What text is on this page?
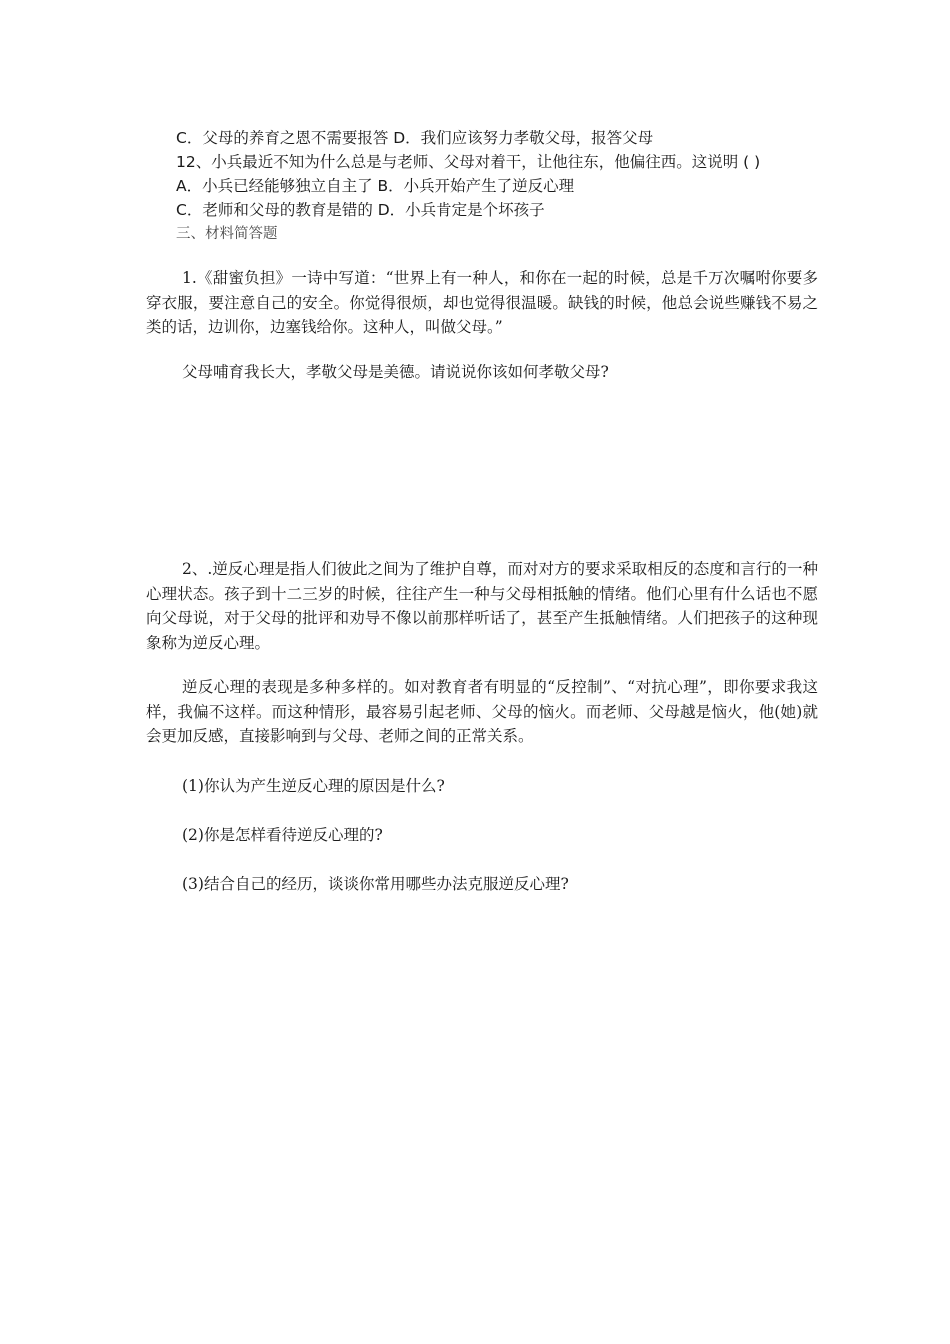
C．父母的养育之恩不需要报答 D．我们应该努力孝敬父母，报答父母
12、小兵最近不知为什么总是与老师、父母对着干，让他往东，他偏往西。这说明 ( )
A．小兵已经能够独立自主了 B．小兵开始产生了逆反心理
C．老师和父母的教育是错的 D．小兵肯定是个坏孩子
三、材料简答题

1.《甜蜜负担》一诗中写道：“世界上有一种人，和你在一起的时候，总是千万次嘱咐你要多穿衣服，要注意自己的安全。你觉得很烦，却也觉得很温暖。缺钱的时候，他总会说些赚钱不易之类的话，边训你，边塞钱给你。这种人，叫做父母。”

父母哺育我长大，孝敬父母是美德。请说说你该如何孝敬父母?

2、.逆反心理是指人们彼此之间为了维护自尊，而对对方的要求采取相反的态度和言行的一种心理状态。孩子到十二三岁的时候，往往产生一种与父母相抵触的情绪。他们心里有什么话也不愿向父母说，对于父母的批评和劝导不像以前那样听话了，甚至产生抵触情绪。人们把孩子的这种现象称为逆反心理。

逆反心理的表现是多种多样的。如对教育者有明显的“反控制”、“对抗心理”，即你要求我这样，我偏不这样。而这种情形，最容易引起老师、父母的恼火。而老师、父母越是恼火，他(她)就会更加反感，直接影响到与父母、老师之间的正常关系。

(1)你认为产生逆反心理的原因是什么?

(2)你是怎样看待逆反心理的?

(3)结合自己的经历，谈谈你常用哪些办法克服逆反心理?
